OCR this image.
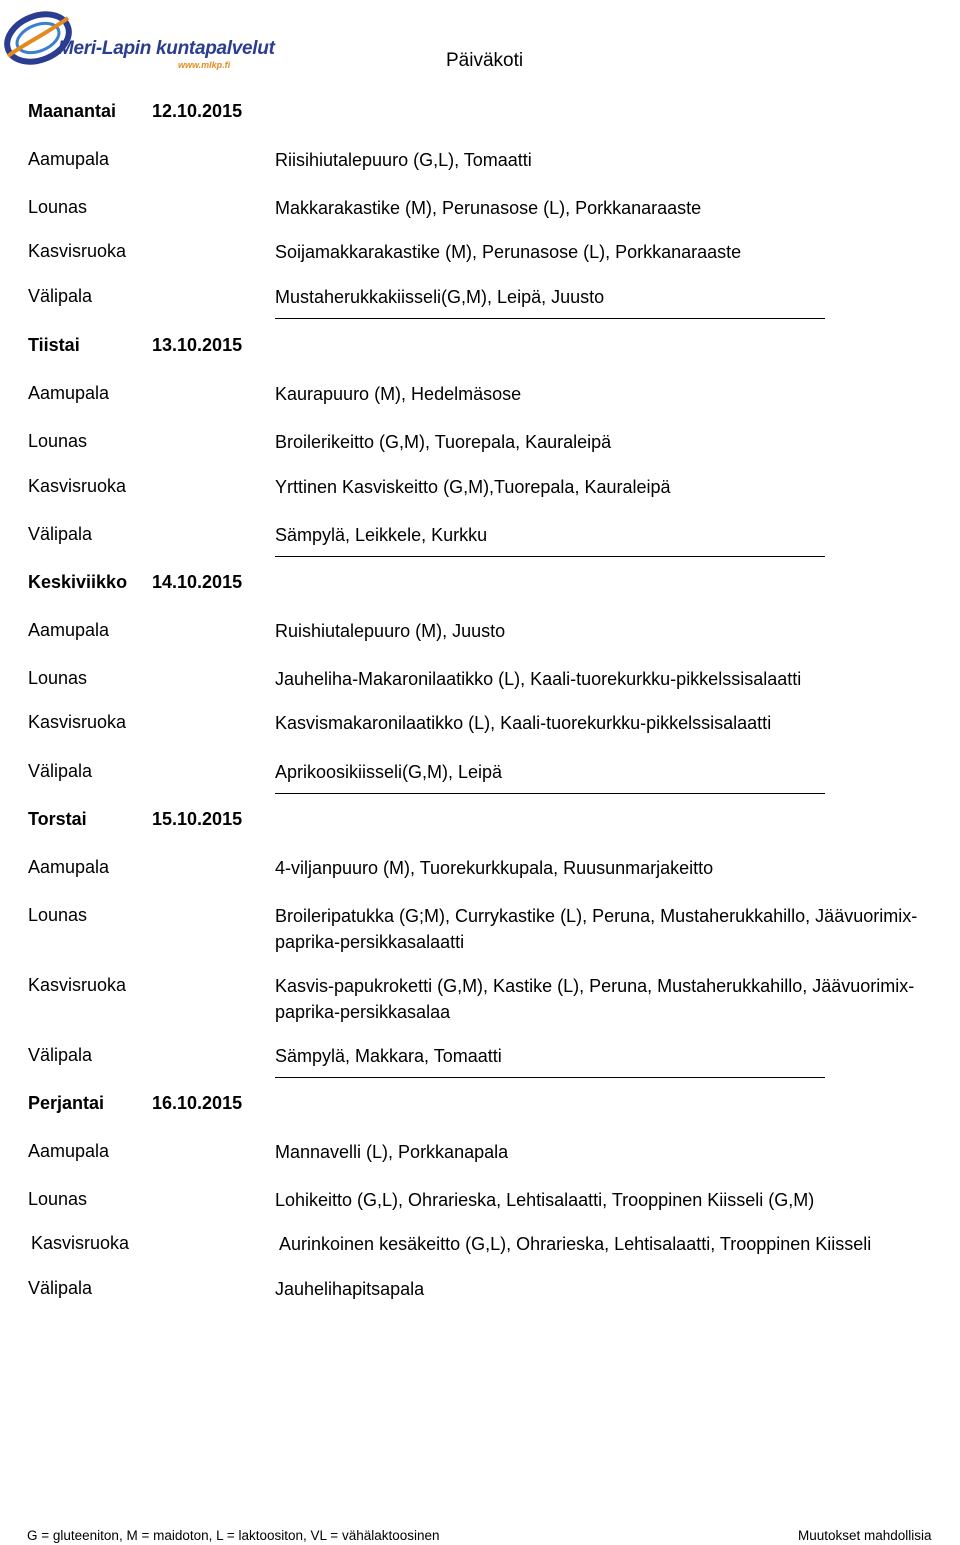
Meri-Lapin kuntapalvelut
www.mlkp.fi	Päiväkoti
Maanantai 12.10.2015
Aamupala	Riisihiutalepuuro (G,L), Tomaatti
Lounas	Makkarakastike (M), Perunasose (L), Porkkanaraaste
Kasvisruoka	Soijamakkarakastike (M), Perunasose (L), Porkkanaraaste
Välipala	Mustaherukkakiisseli(G,M), Leipä, Juusto
Tiistai	13.10.2015
Aamupala	Kaurapuuro (M), Hedelmäsose
Lounas	Broilerikeitto (G,M), Tuorepala, Kauraleipä
Kasvisruoka	Yrttinen Kasviskeitto (G,M),Tuorepala, Kauraleipä
Välipala	Sämpylä, Leikkele, Kurkku
Keskiviikko 14.10.2015
Aamupala	Ruishiutalepuuro (M), Juusto
Lounas	Jauheliha-Makaronilaatikko (L), Kaali-tuorekurkku-pikkelssisalaatti
Kasvisruoka	Kasvismakaronilaatikko (L), Kaali-tuorekurkku-pikkelssisalaatti
Välipala	Aprikoosikiisseli(G,M), Leipä
Torstai	15.10.2015
Aamupala	4-viljanpuuro (M), Tuorekurkkupala, Ruusunmarjakeitto
Lounas	Broileripatukka (G;M), Currykastike (L), Peruna, Mustaherukkahillo, Jäävuorimix-paprika-persikkasalaatti
Kasvisruoka	Kasvis-papukroketti (G,M), Kastike (L), Peruna, Mustaherukkahillo, Jäävuorimix-paprika-persikkasalaa
Välipala	Sämpylä, Makkara, Tomaatti
Perjantai	16.10.2015
Aamupala	Mannavelli (L), Porkkanapala
Lounas	Lohikeitto (G,L), Ohrarieska, Lehtisalaatti, Trooppinen Kiisseli (G,M)
Kasvisruoka	Aurinkoinen kesäkeitto (G,L), Ohrarieska, Lehtisalaatti, Trooppinen Kiisseli
Välipala	Jauhelihapitsapala
G = gluteeniton, M = maidoton, L = laktoositon, VL = vähälaktoosinen	Muutokset mahdollisia
